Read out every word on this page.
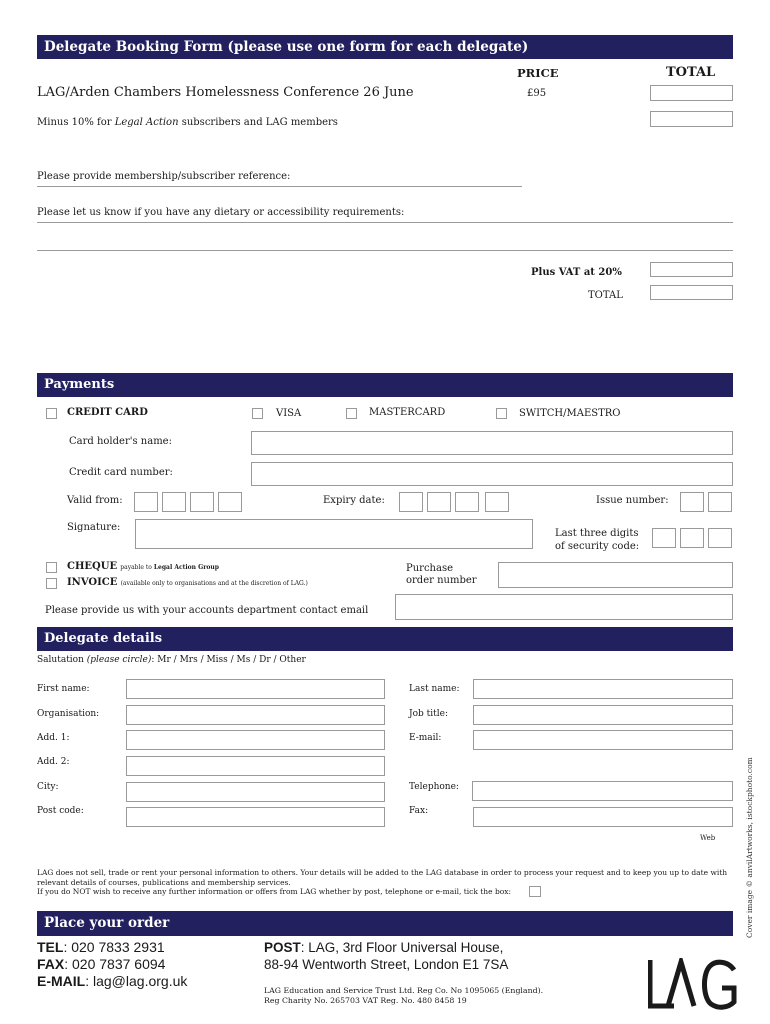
Delegate Booking Form (please use one form for each delegate)
PRICE	TOTAL
LAG/Arden Chambers Homelessness Conference 26 June	£95
Minus 10% for Legal Action subscribers and LAG members
Please provide membership/subscriber reference:
Please let us know if you have any dietary or accessibility requirements:
Plus VAT at 20%
TOTAL
Payments
CREDIT CARD	VISA	MASTERCARD	SWITCH/MAESTRO
Card holder's name:
Credit card number:
Valid from:	Expiry date:	Issue number:
Signature:
Last three digits
of security code:
CHEQUE payable to Legal Action Group
INVOICE (available only to organisations and at the discretion of LAG.)
Purchase
order number
Please provide us with your accounts department contact email
Delegate details
Salutation (please circle): Mr / Mrs / Miss / Ms / Dr / Other
First name:	Last name:
Organisation:	Job title:
Add. 1:	E-mail:
Add. 2:
City:	Telephone:
Post code:	Fax:
Web
LAG does not sell, trade or rent your personal information to others. Your details will be added to the LAG database in order to process your request and to keep you up to date with
relevant details of courses, publications and membership services.
If you do NOT wish to receive any further information or offers from LAG whether by post, telephone or e-mail, tick the box:
Place your order
TEL: 020 7833 2931
FAX: 020 7837 6094
E-MAIL: lag@lag.org.uk
POST: LAG, 3rd Floor Universal House,
88-94 Wentworth Street, London E1 7SA
LAG Education and Service Trust Ltd. Reg Co. No 1095065 (England).
Reg Charity No. 265703 VAT Reg. No. 480 8458 19
Cover image © anvilArtworks, istockphoto.com
